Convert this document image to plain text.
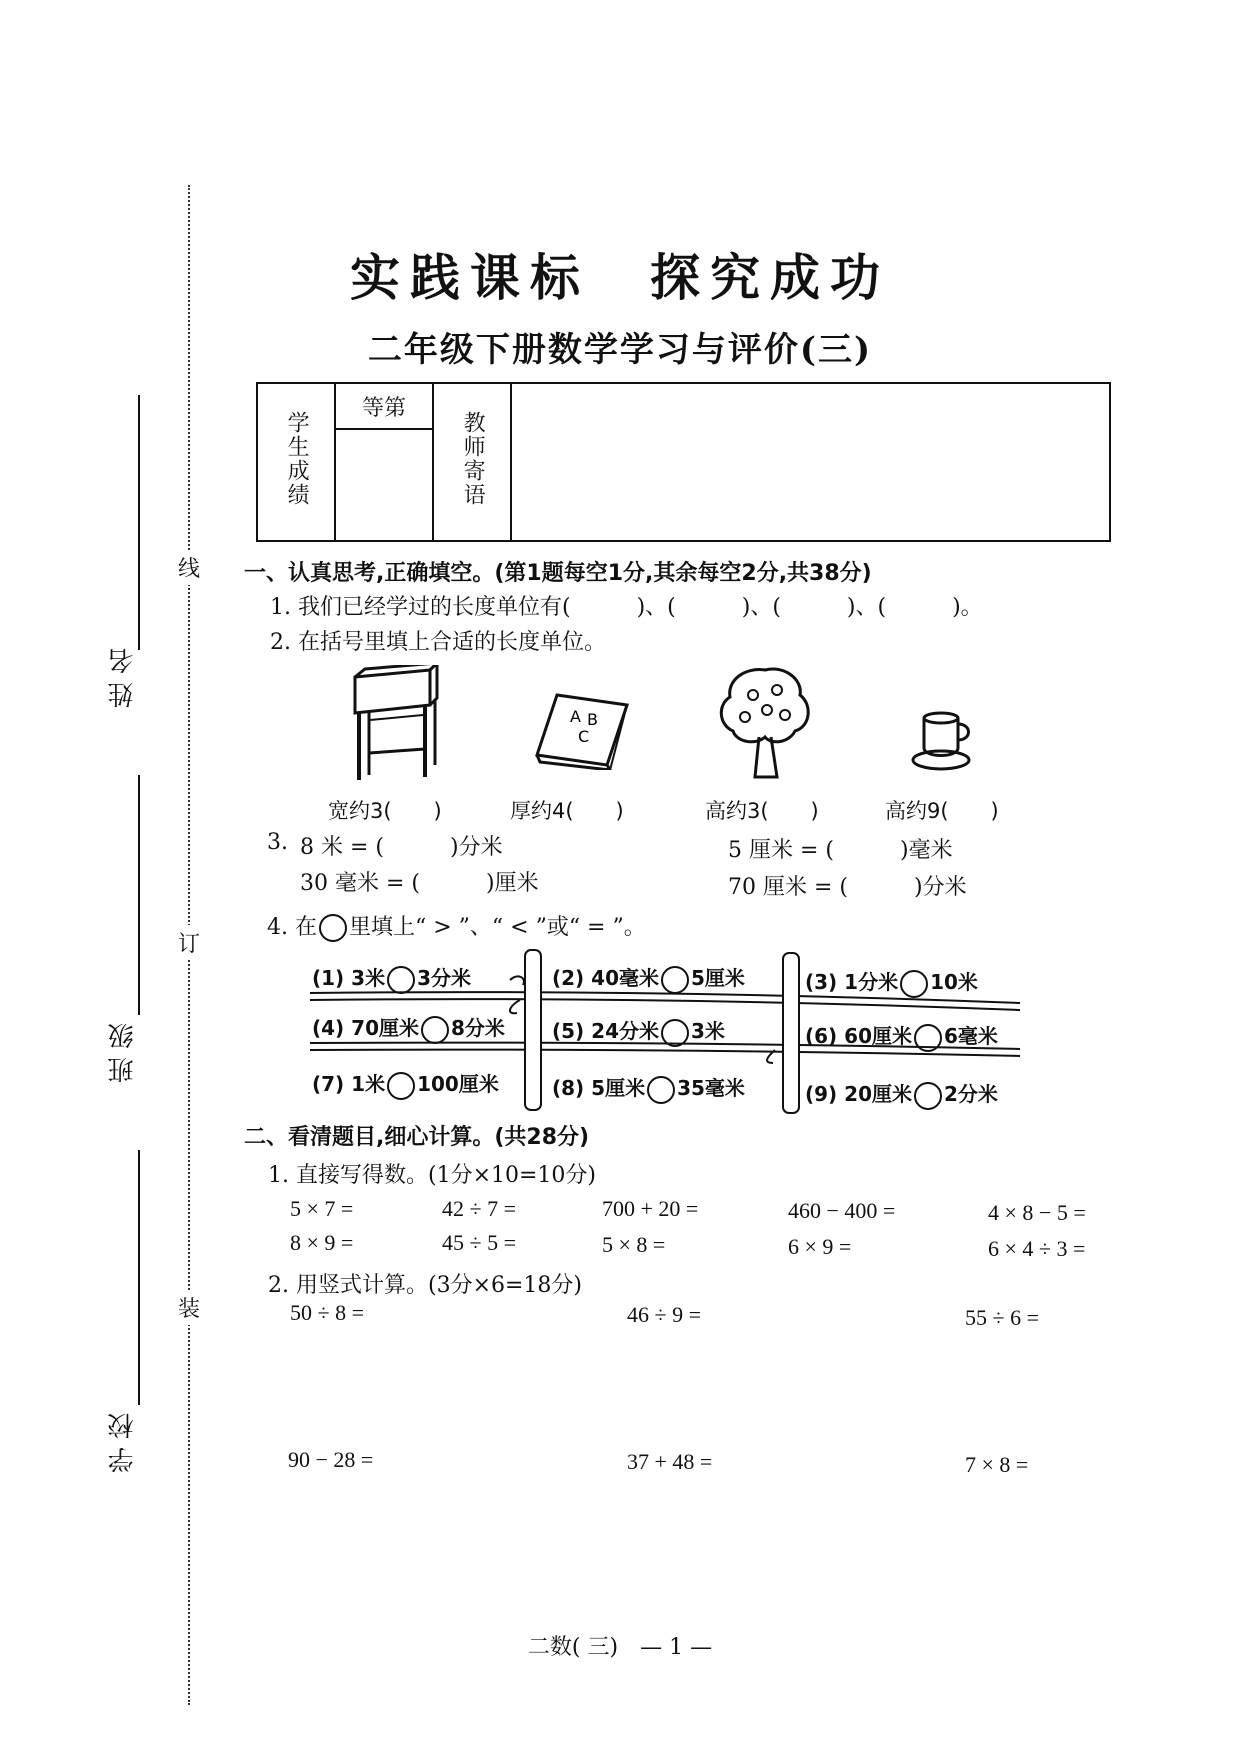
线
订
装
姓名
班级
学校
实践课标　探究成功
二年级下册数学学习与评价(三)
学生成绩	等第	教师寄语	

一、认真思考,正确填空。(第1题每空1分,其余每空2分,共38分)
1. 我们已经学过的长度单位有(　　　)、(　　　)、(　　　)、(　　　)。
2. 在括号里填上合适的长度单位。
A B
C
宽约3(　　)	厚约4(　　)	高约3(　　)	高约9(　　)
3. 8 米 = (　　　)分米	5 厘米 = (　　　)毫米
30 毫米 = (　　　)厘米	70 厘米 = (　　　)分米
4. 在 里填上“ > ”、“ < ”或“ = ”。
(1) 3米 3分米	(2) 40毫米 5厘米	(3) 1分米 10米
(4) 70厘米 8分米 (5) 24分米 3米	(6) 60厘米 6毫米
(7) 1米 100厘米	(8) 5厘米 35毫米	(9) 20厘米 2分米
二、看清题目,细心计算。(共28分)
1. 直接写得数。(1分×10=10分)
5 × 7 =	42 ÷ 7 =	700 + 20 =	460 − 400 =	4 × 8 − 5 =
8 × 9 =	45 ÷ 5 =	5 × 8 =	6 × 9 =	6 × 4 ÷ 3 =
2. 用竖式计算。(3分×6=18分)
50 ÷ 8 =	46 ÷ 9 =	55 ÷ 6 =
90 − 28 =	37 + 48 =	7 × 8 =
二数( 三)　— 1 —
